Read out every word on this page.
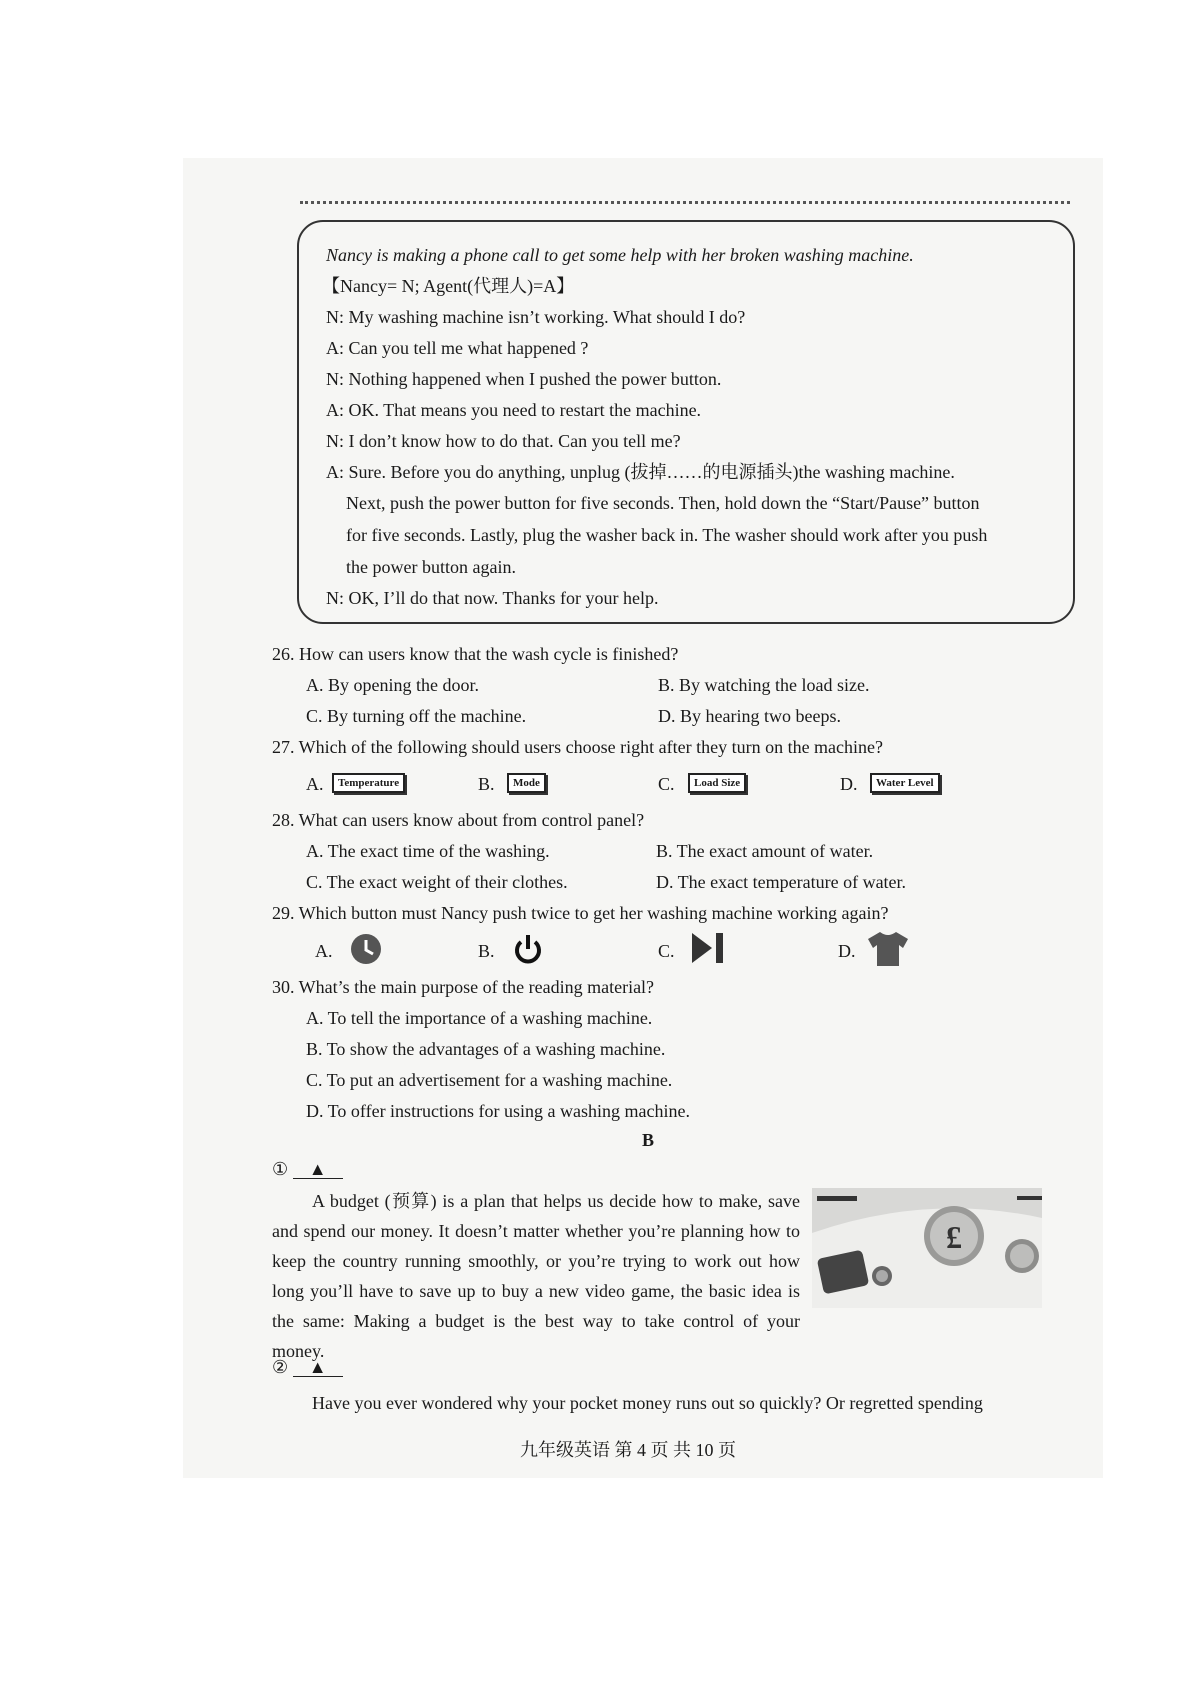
Nancy is making a phone call to get some help with her broken washing machine.
【Nancy= N; Agent(代理人)=A】
N: My washing machine isn’t working. What should I do?
A: Can you tell me what happened ?
N: Nothing happened when I pushed the power button.
A: OK. That means you need to restart the machine.
N: I don’t know how to do that. Can you tell me?
A: Sure. Before you do anything, unplug (拔掉……的电源插头)the washing machine.
Next, push the power button for five seconds. Then, hold down the “Start/Pause” button
for five seconds. Lastly, plug the washer back in. The washer should work after you push
the power button again.
N: OK, I’ll do that now. Thanks for your help.
26. How can users know that the wash cycle is finished?
A. By opening the door.	B. By watching the load size.
C. By turning off the machine.	D. By hearing two beeps.
27. Which of the following should users choose right after they turn on the machine?
A.	Temperature	B.	Mode	C.	Load Size	D.	Water Level
28. What can users know about from control panel?
A. The exact time of the washing.	B. The exact amount of water.
C. The exact weight of their clothes.	D. The exact temperature of water.
29. Which button must Nancy push twice to get her washing machine working again?
A.	B.	C.	D.
30. What’s the main purpose of the reading material?
A. To tell the importance of a washing machine.
B. To show the advantages of a washing machine.
C. To put an advertisement for a washing machine.
D. To offer instructions for using a washing machine.
B
① ▲
A budget (预算) is a plan that helps us decide how to make, save and spend our money. It doesn’t matter whether you’re planning how to keep the country running smoothly, or you’re trying to work out how long you’ll have to save up to buy a new video game, the basic idea is the same: Making a budget is the best way to take control of your money.
£
② ▲
Have you ever wondered why your pocket money runs out so quickly? Or regretted spending
九年级英语 第 4 页 共 10 页
